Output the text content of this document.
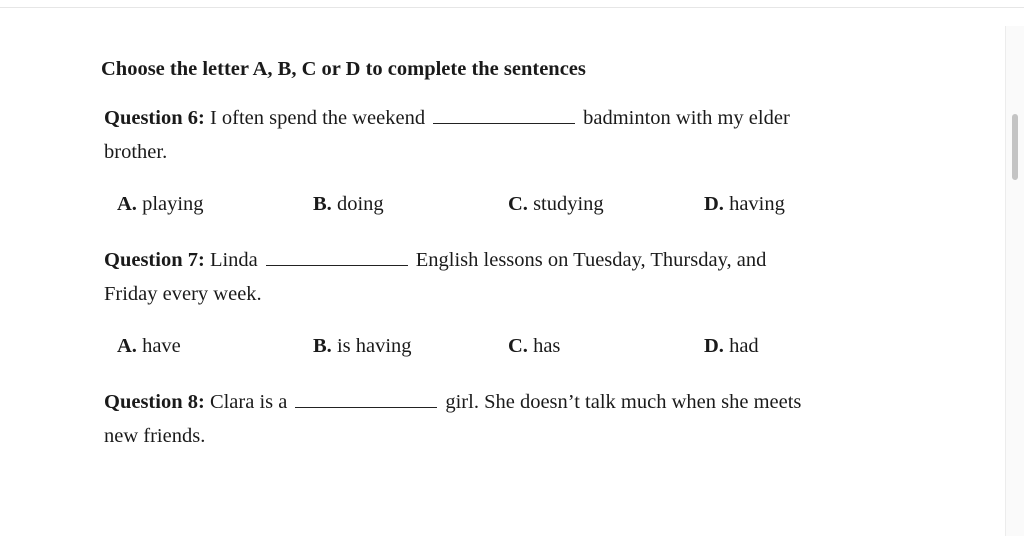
Choose the letter A, B, C or D to complete the sentences
Question 6: I often spend the weekend	badminton with my elder
brother.
A. playing	B. doing	C. studying	D. having
Question 7: Linda	English lessons on Tuesday, Thursday, and
Friday every week.
A. have	B. is having	C. has	D. had
Question 8: Clara is a	girl. She doesn’t talk much when she meets
new friends.
